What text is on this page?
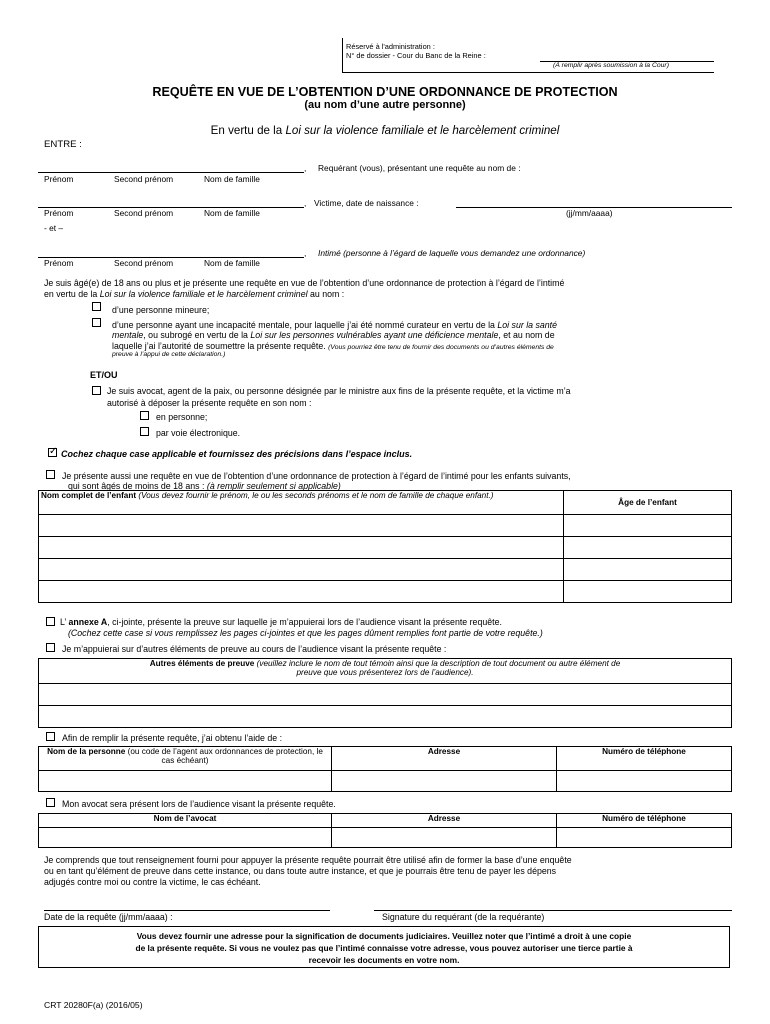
Réservé à l'administration :
N° de dossier - Cour du Banc de la Reine :
(À remplir après soumission à la Cour)
REQUÊTE EN VUE DE L’OBTENTION D’UNE ORDONNANCE DE PROTECTION
(au nom d’une autre personne)
En vertu de la Loi sur la violence familiale et le harcèlement criminel
ENTRE :
, Requérant (vous), présentant une requête au nom de :
Prénom	Second prénom	Nom de famille
, Victime, date de naissance :
Prénom	Second prénom	Nom de famille	(jj/mm/aaaa)
- et –
, Intimé (personne à l’égard de laquelle vous demandez une ordonnance)
Prénom	Second prénom	Nom de famille
Je suis âgé(e) de 18 ans ou plus et je présente une requête en vue de l’obtention d’une ordonnance de protection à l’égard de l’intimé
en vertu de la Loi sur la violence familiale et le harcèlement criminel au nom :
d’une personne mineure;
d’une personne ayant une incapacité mentale, pour laquelle j’ai été nommé curateur en vertu de la Loi sur la santé
mentale, ou subrogé en vertu de la Loi sur les personnes vulnérables ayant une déficience mentale, et au nom de
laquelle j’ai l’autorité de soumettre la présente requête. (Vous pourriez être tenu de fournir des documents ou d’autres éléments de
preuve à l’appui de cette déclaration.)
ET/OU
Je suis avocat, agent de la paix, ou personne désignée par le ministre aux fins de la présente requête, et la victime m’a
autorisé à déposer la présente requête en son nom :
en personne;
par voie électronique.
✓
Cochez chaque case applicable et fournissez des précisions dans l’espace inclus.
Je présente aussi une requête en vue de l’obtention d’une ordonnance de protection à l’égard de l’intimé pour les enfants suivants,
qui sont âgés de moins de 18 ans : (à remplir seulement si applicable)
Nom complet de l’enfant (Vous devez fournir le prénom, le ou les seconds prénoms et le nom de famille de chaque enfant.)	Âge de l’enfant

L’ annexe A, ci-jointe, présente la preuve sur laquelle je m’appuierai lors de l’audience visant la présente requête.
(Cochez cette case si vous remplissez les pages ci-jointes et que les pages dûment remplies font partie de votre requête.)
Je m’appuierai sur d’autres éléments de preuve au cours de l’audience visant la présente requête :
Autres éléments de preuve (veuillez inclure le nom de tout témoin ainsi que la description de tout document ou autre élément de
preuve que vous présenterez lors de l’audience).

Afin de remplir la présente requête, j’ai obtenu l’aide de :
Nom de la personne (ou code de l’agent aux ordonnances de protection, le cas échéant)	Adresse	Numéro de téléphone

Mon avocat sera présent lors de l’audience visant la présente requête.
Nom de l’avocat	Adresse	Numéro de téléphone

Je comprends que tout renseignement fourni pour appuyer la présente requête pourrait être utilisé afin de former la base d’une enquête
ou en tant qu’élément de preuve dans cette instance, ou dans toute autre instance, et que je pourrais être tenu de payer les dépens
adjugés contre moi ou contre la victime, le cas échéant.
Date de la requête (jj/mm/aaaa) :	Signature du requérant (de la requérante)
Vous devez fournir une adresse pour la signification de documents judiciaires. Veuillez noter que l’intimé a droit à une copie
de la présente requête. Si vous ne voulez pas que l’intimé connaisse votre adresse, vous pouvez autoriser une tierce partie à
recevoir les documents en votre nom.
CRT 20280F(a) (2016/05)
